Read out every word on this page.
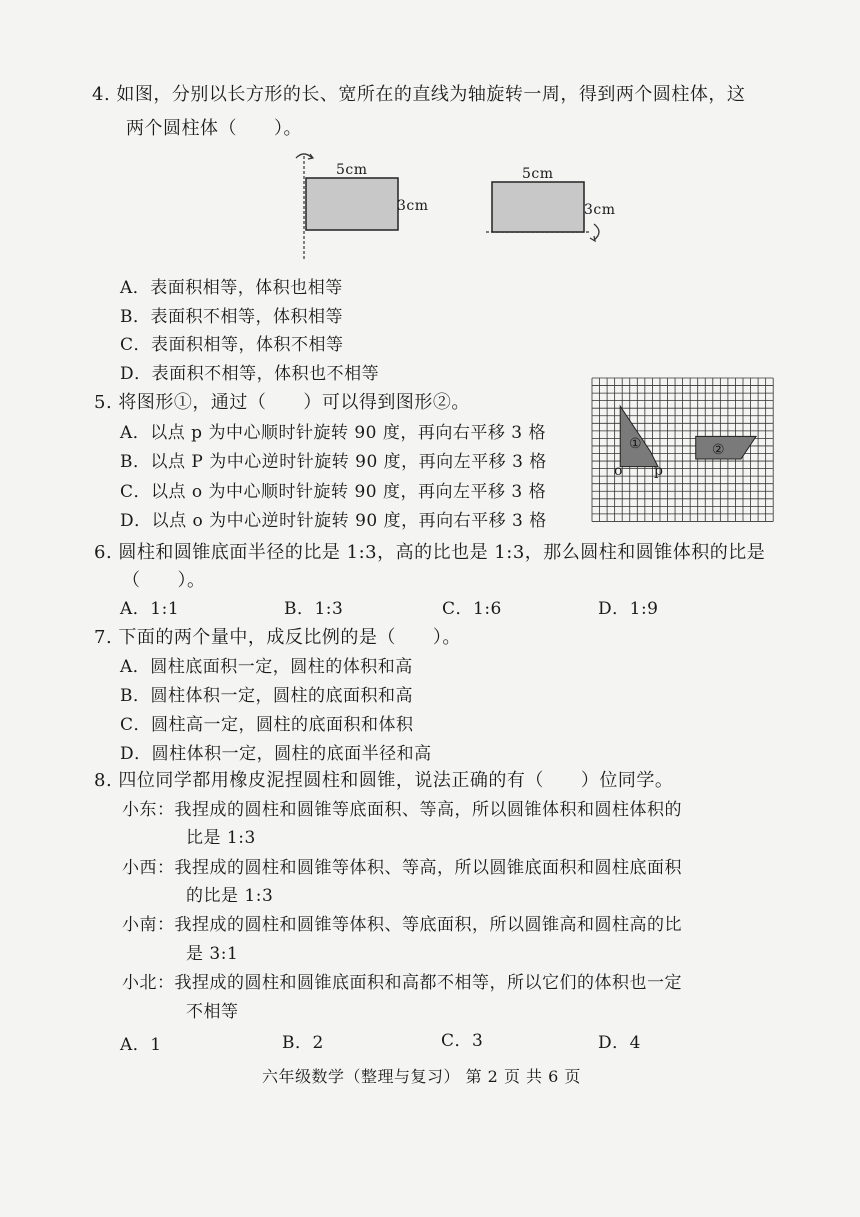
4. 如图，分别以长方形的长、宽所在的直线为轴旋转一周，得到两个圆柱体，这
两个圆柱体（　　）。
5cm
3cm
5cm
3cm
A．表面积相等，体积也相等
B．表面积不相等，体积相等
C．表面积相等，体积不相等
D．表面积不相等，体积也不相等
5. 将图形①，通过（　　）可以得到图形②。
A．以点 p 为中心顺时针旋转 90 度，再向右平移 3 格
B．以点 P 为中心逆时针旋转 90 度，再向左平移 3 格
C．以点 o 为中心顺时针旋转 90 度，再向左平移 3 格
D．以点 o 为中心逆时针旋转 90 度，再向右平移 3 格
①	②
o p
6. 圆柱和圆锥底面半径的比是 1:3，高的比也是 1:3，那么圆柱和圆锥体积的比是
（　　）。
A．1:1	B．1:3	C．1:6	D．1:9
7. 下面的两个量中，成反比例的是（　　）。
A．圆柱底面积一定，圆柱的体积和高
B．圆柱体积一定，圆柱的底面积和高
C．圆柱高一定，圆柱的底面积和体积
D．圆柱体积一定，圆柱的底面半径和高
8. 四位同学都用橡皮泥捏圆柱和圆锥，说法正确的有（　　）位同学。
小东：我捏成的圆柱和圆锥等底面积、等高，所以圆锥体积和圆柱体积的
比是 1:3
小西：我捏成的圆柱和圆锥等体积、等高，所以圆锥底面积和圆柱底面积
的比是 1:3
小南：我捏成的圆柱和圆锥等体积、等底面积，所以圆锥高和圆柱高的比
是 3:1
小北：我捏成的圆柱和圆锥底面积和高都不相等，所以它们的体积也一定
不相等
A．1	B．2	C．3	D．4
六年级数学（整理与复习） 第 2 页 共 6 页
